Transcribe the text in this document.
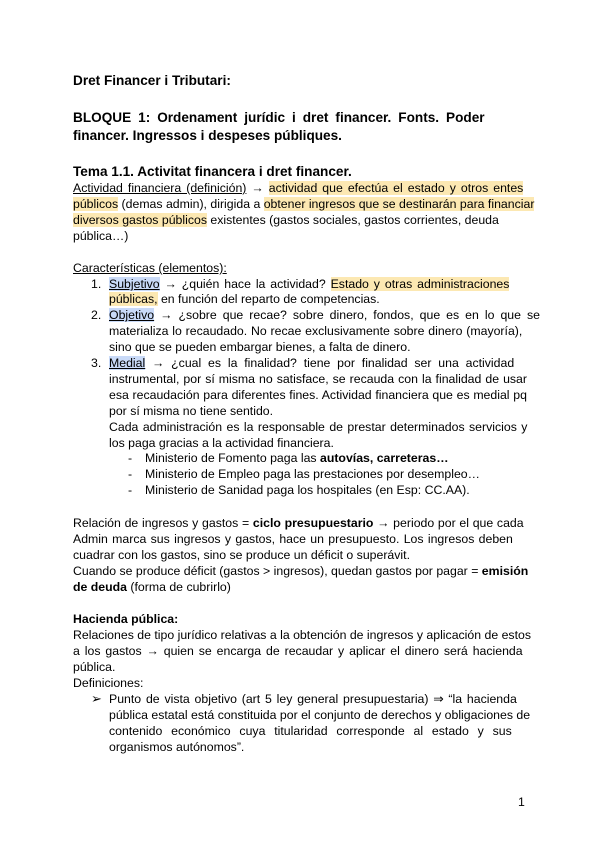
Dret Financer i Tributari:
BLOQUE 1: Ordenament jurídic i dret financer. Fonts. Poder
financer. Ingressos i despeses públiques.
Tema 1.1. Activitat financera i dret financer.
Actividad financiera (definición) → actividad que efectúa el estado y otros entes
públicos (demas admin), dirigida a obtener ingresos que se destinarán para financiar
diversos gastos públicos existentes (gastos sociales, gastos corrientes, deuda
pública…)
Características (elementos):
1. Subjetivo → ¿quién hace la actividad? Estado y otras administraciones
públicas, en función del reparto de competencias.
2. Objetivo → ¿sobre que recae? sobre dinero, fondos, que es en lo que se
materializa lo recaudado. No recae exclusivamente sobre dinero (mayoría),
sino que se pueden embargar bienes, a falta de dinero.
3. Medial → ¿cual es la finalidad? tiene por finalidad ser una actividad
instrumental, por sí misma no satisface, se recauda con la finalidad de usar
esa recaudación para diferentes fines. Actividad financiera que es medial pq
por sí misma no tiene sentido.
Cada administración es la responsable de prestar determinados servicios y
los paga gracias a la actividad financiera.
- Ministerio de Fomento paga las autovías, carreteras…
- Ministerio de Empleo paga las prestaciones por desempleo…
- Ministerio de Sanidad paga los hospitales (en Esp: CC.AA).
Relación de ingresos y gastos = ciclo presupuestario → periodo por el que cada
Admin marca sus ingresos y gastos, hace un presupuesto. Los ingresos deben
cuadrar con los gastos, sino se produce un déficit o superávit.
Cuando se produce déficit (gastos > ingresos), quedan gastos por pagar = emisión
de deuda (forma de cubrirlo)
Hacienda pública:
Relaciones de tipo jurídico relativas a la obtención de ingresos y aplicación de estos
a los gastos → quien se encarga de recaudar y aplicar el dinero será hacienda
pública.
Definiciones:
➢ Punto de vista objetivo (art 5 ley general presupuestaria) ⇒ “la hacienda
pública estatal está constituida por el conjunto de derechos y obligaciones de
contenido económico cuya titularidad corresponde al estado y sus
organismos autónomos”.
1
